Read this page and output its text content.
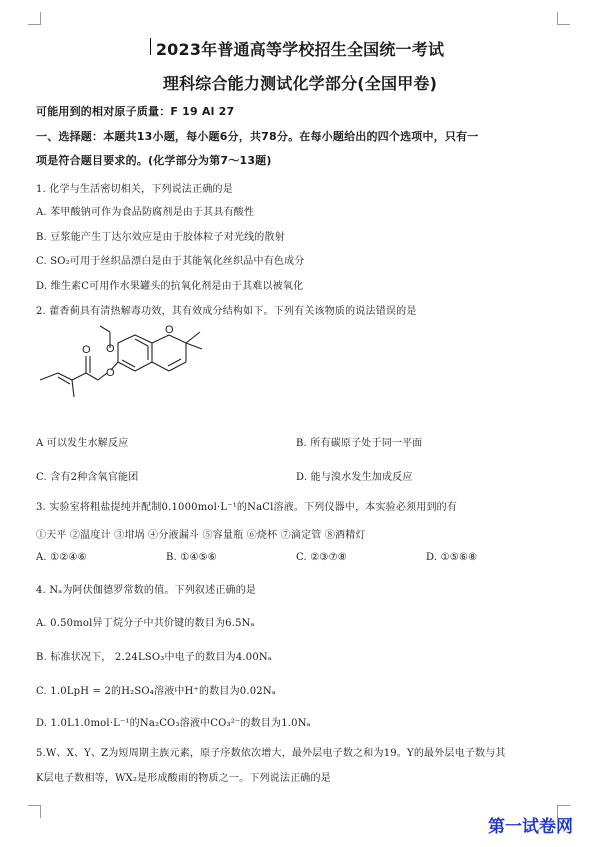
2023年普通高等学校招生全国统一考试
理科综合能力测试化学部分(全国甲卷)
可能用到的相对原子质量：F 19 Al 27
一、选择题：本题共13小题，每小题6分，共78分。在每小题给出的四个选项中，只有一
项是符合题目要求的。(化学部分为第7～13题)
1. 化学与生活密切相关，下列说法正确的是
A. 苯甲酸钠可作为食品防腐剂是由于其具有酸性
B. 豆浆能产生丁达尔效应是由于胶体粒子对光线的散射
C. SO₂可用于丝织品漂白是由于其能氧化丝织品中有色成分
D. 维生素C可用作水果罐头的抗氧化剂是由于其难以被氧化
2. 藿香蓟具有清热解毒功效，其有效成分结构如下。下列有关该物质的说法错误的是
O
O
O
O
A 可以发生水解反应	B. 所有碳原子处于同一平面
C. 含有2种含氧官能团	D. 能与溴水发生加成反应
3. 实验室将粗盐提纯并配制0.1000mol·L⁻¹的NaCl溶液。下列仪器中，本实验必须用到的有
①天平 ②温度计 ③坩埚 ④分液漏斗 ⑤容量瓶 ⑥烧杯 ⑦滴定管 ⑧酒精灯
A. ①②④⑥	B. ①④⑤⑥	C. ②③⑦⑧	D. ①⑤⑥⑧
4. Nₐ为阿伏伽德罗常数的值。下列叙述正确的是
A. 0.50mol异丁烷分子中共价键的数目为6.5Nₐ
B. 标准状况下， 2.24LSO₃中电子的数目为4.00Nₐ
C. 1.0LpH = 2的H₂SO₄溶液中H⁺的数目为0.02Nₐ
D. 1.0L1.0mol·L⁻¹的Na₂CO₃溶液中CO₃²⁻的数目为1.0Nₐ
5.W、X、Y、Z为短周期主族元素，原子序数依次增大，最外层电子数之和为19。Y的最外层电子数与其
K层电子数相等，WX₂是形成酸雨的物质之一。下列说法正确的是
第一试卷网
